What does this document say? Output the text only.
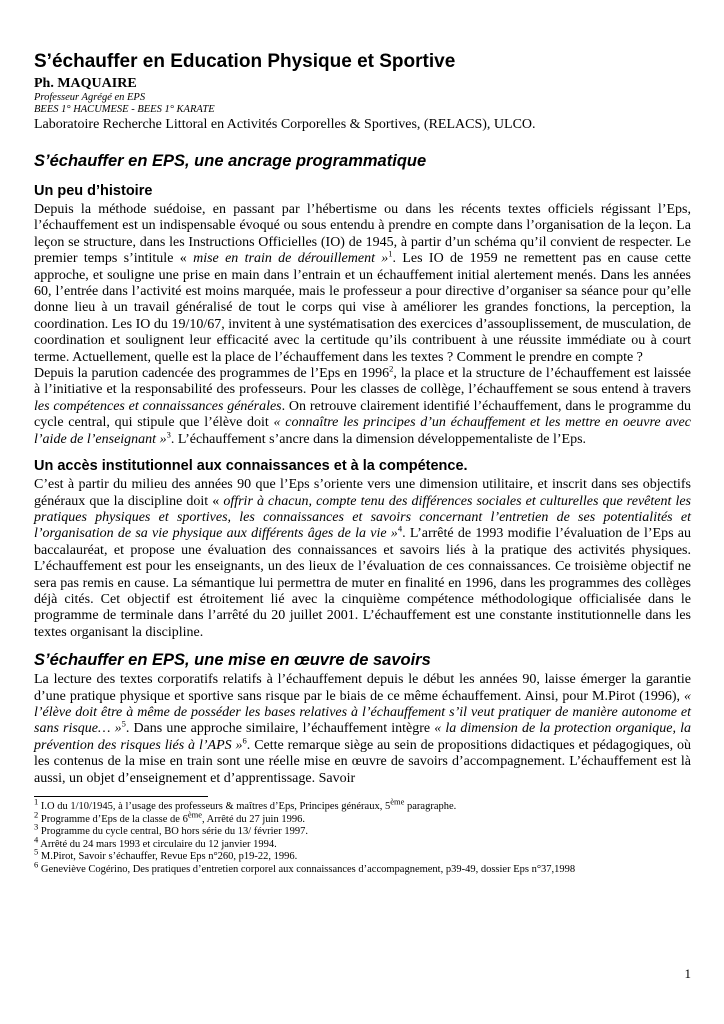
S’échauffer en Education Physique et Sportive

Ph. MAQUAIRE

Professeur Agrégé en EPS

BEES 1° HACUMESE - BEES 1° KARATE

Laboratoire Recherche Littoral en Activités Corporelles & Sportives, (RELACS), ULCO.

S’échauffer en EPS, une ancrage programmatique
Un peu d’histoire

Depuis la méthode suédoise, en passant par l’hébertisme ou dans les récents textes officiels régissant l’Eps, l’échauffement est un indispensable évoqué ou sous entendu à prendre en compte dans l’organisation de la leçon. La leçon se structure, dans les Instructions Officielles (IO) de 1945, à partir d’un schéma qu’il convient de respecter. Le premier temps s’intitule « mise en train de dérouillement »$^1$. Les IO de 1959 ne remettent pas en cause cette approche, et souligne une prise en main dans l’entrain et un échauffement initial alertement menés. Dans les années 60, l’entrée dans l’activité est moins marquée, mais le professeur a pour directive d’organiser sa séance pour qu’elle donne lieu à un travail généralisé de tout le corps qui vise à améliorer les grandes fonctions, la perception, la coordination. Les IO du 19/10/67, invitent à une systématisation des exercices d’assouplissement, de musculation, de coordination et soulignent leur efficacité avec la certitude qu’ils contribuent à une réussite immédiate ou à court terme. Actuellement, quelle est la place de l’échauffement dans les textes ? Comment le prendre en compte ?

Depuis la parution cadencée des programmes de l’Eps en 1996$^2$, la place et la structure de l’échauffement est laissée à l’initiative et la responsabilité des professeurs. Pour les classes de collège, l’échauffement se sous entend à travers les compétences et connaissances générales. On retrouve clairement identifié l’échauffement, dans le programme du cycle central, qui stipule que l’élève doit « connaître les principes d’un échauffement et les mettre en oeuvre avec l’aide de l’enseignant »$^3$. L’échauffement s’ancre dans la dimension développementaliste de l’Eps.

Un accès institutionnel aux connaissances et à la compétence.

C’est à partir du milieu des années 90 que l’Eps s’oriente vers une dimension utilitaire, et inscrit dans ses objectifs généraux que la discipline doit « offrir à chacun, compte tenu des différences sociales et culturelles que revêtent les pratiques physiques et sportives, les connaissances et savoirs concernant l’entretien de ses potentialités et l’organisation de sa vie physique aux différents âges de la vie »$^4$. L’arrêté de 1993 modifie l’évaluation de l’Eps au baccalauréat, et propose une évaluation des connaissances et savoirs liés à la pratique des activités physiques. L’échauffement est pour les enseignants, un des lieux de l’évaluation de ces connaissances. Ce troisième objectif ne sera pas remis en cause. La sémantique lui permettra de muter en finalité en 1996, dans les programmes des collèges déjà cités. Cet objectif est étroitement lié avec la cinquième compétence méthodologique officialisée dans le programme de terminale dans l’arrêté du 20 juillet 2001. L’échauffement est une constante institutionnelle dans les textes organisant la discipline.

S’échauffer en EPS, une mise en œuvre de savoirs

La lecture des textes corporatifs relatifs à l’échauffement depuis le début les années 90, laisse émerger la garantie d’une pratique physique et sportive sans risque par le biais de ce même échauffement. Ainsi, pour M.Pirot (1996), « l’élève doit être à même de posséder les bases relatives à l’échauffement s’il veut pratiquer de manière autonome et sans risque… »$^5$. Dans une approche similaire, l’échauffement intègre « la dimension de la protection organique, la prévention des risques liés à l’APS »$^6$. Cette remarque siège au sein de propositions didactiques et pédagogiques, où les contenus de la mise en train sont une réelle mise en œuvre de savoirs d’accompagnement. L’échauffement est là aussi, un objet d’enseignement et d’apprentissage. Savoir

$^1$ I.O du 1/10/1945, à l’usage des professeurs & maîtres d’Eps, Principes généraux, 5ème paragraphe.

$^2$ Programme d’Eps de la classe de 6ème, Arrêté du 27 juin 1996.

$^3$ Programme du cycle central, BO hors série du 13/ février 1997.

$^4$ Arrêté du 24 mars 1993 et circulaire du 12 janvier 1994.

$^5$ M.Pirot, Savoir s’échauffer, Revue Eps n°260, p19-22, 1996.

$^6$ Geneviève Cogérino, Des pratiques d’entretien corporel aux connaissances d’accompagnement, p39-49, dossier Eps n°37,1998

1
